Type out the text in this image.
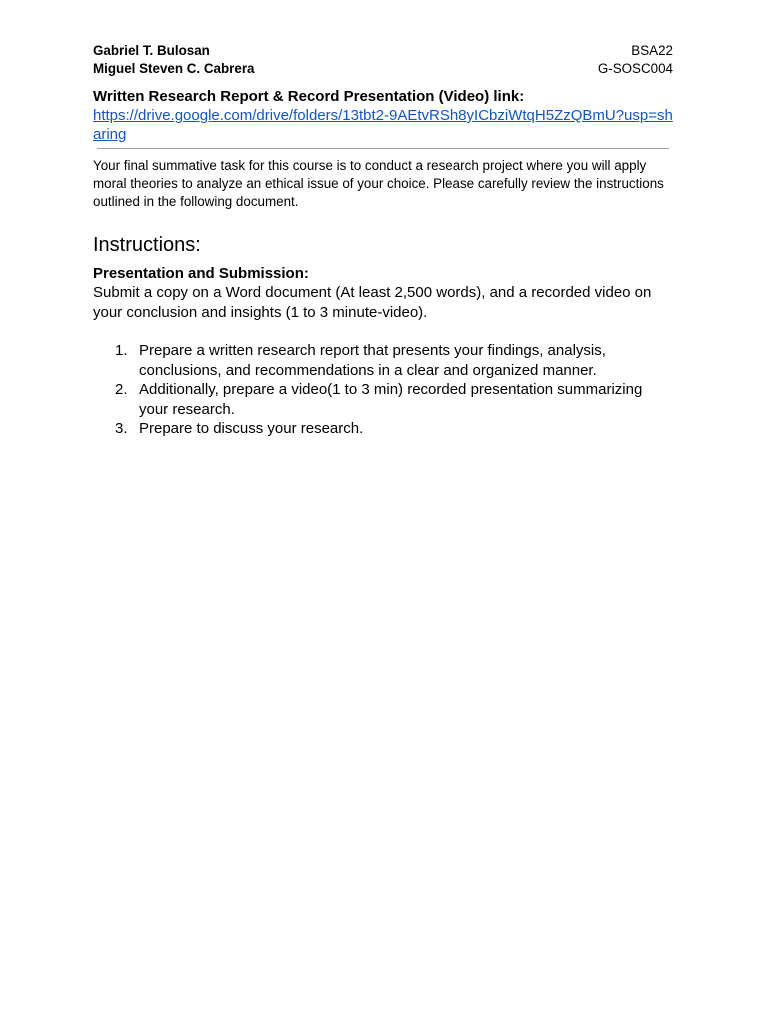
Gabriel T. Bulosan	BSA22
Miguel Steven C. Cabrera	G-SOSC004
Written Research Report & Record Presentation (Video) link:
https://drive.google.com/drive/folders/13tbt2-9AEtvRSh8yICbziWtqH5ZzQBmU?usp=sharing
Your final summative task for this course is to conduct a research project where you will apply moral theories to analyze an ethical issue of your choice. Please carefully review the instructions outlined in the following document.
Instructions:
Presentation and Submission:
Submit a copy on a Word document (At least 2,500 words), and a recorded video on your conclusion and insights (1 to 3 minute-video).
1. Prepare a written research report that presents your findings, analysis, conclusions, and recommendations in a clear and organized manner.
2. Additionally, prepare a video(1 to 3 min) recorded presentation summarizing your research.
3. Prepare to discuss your research.
